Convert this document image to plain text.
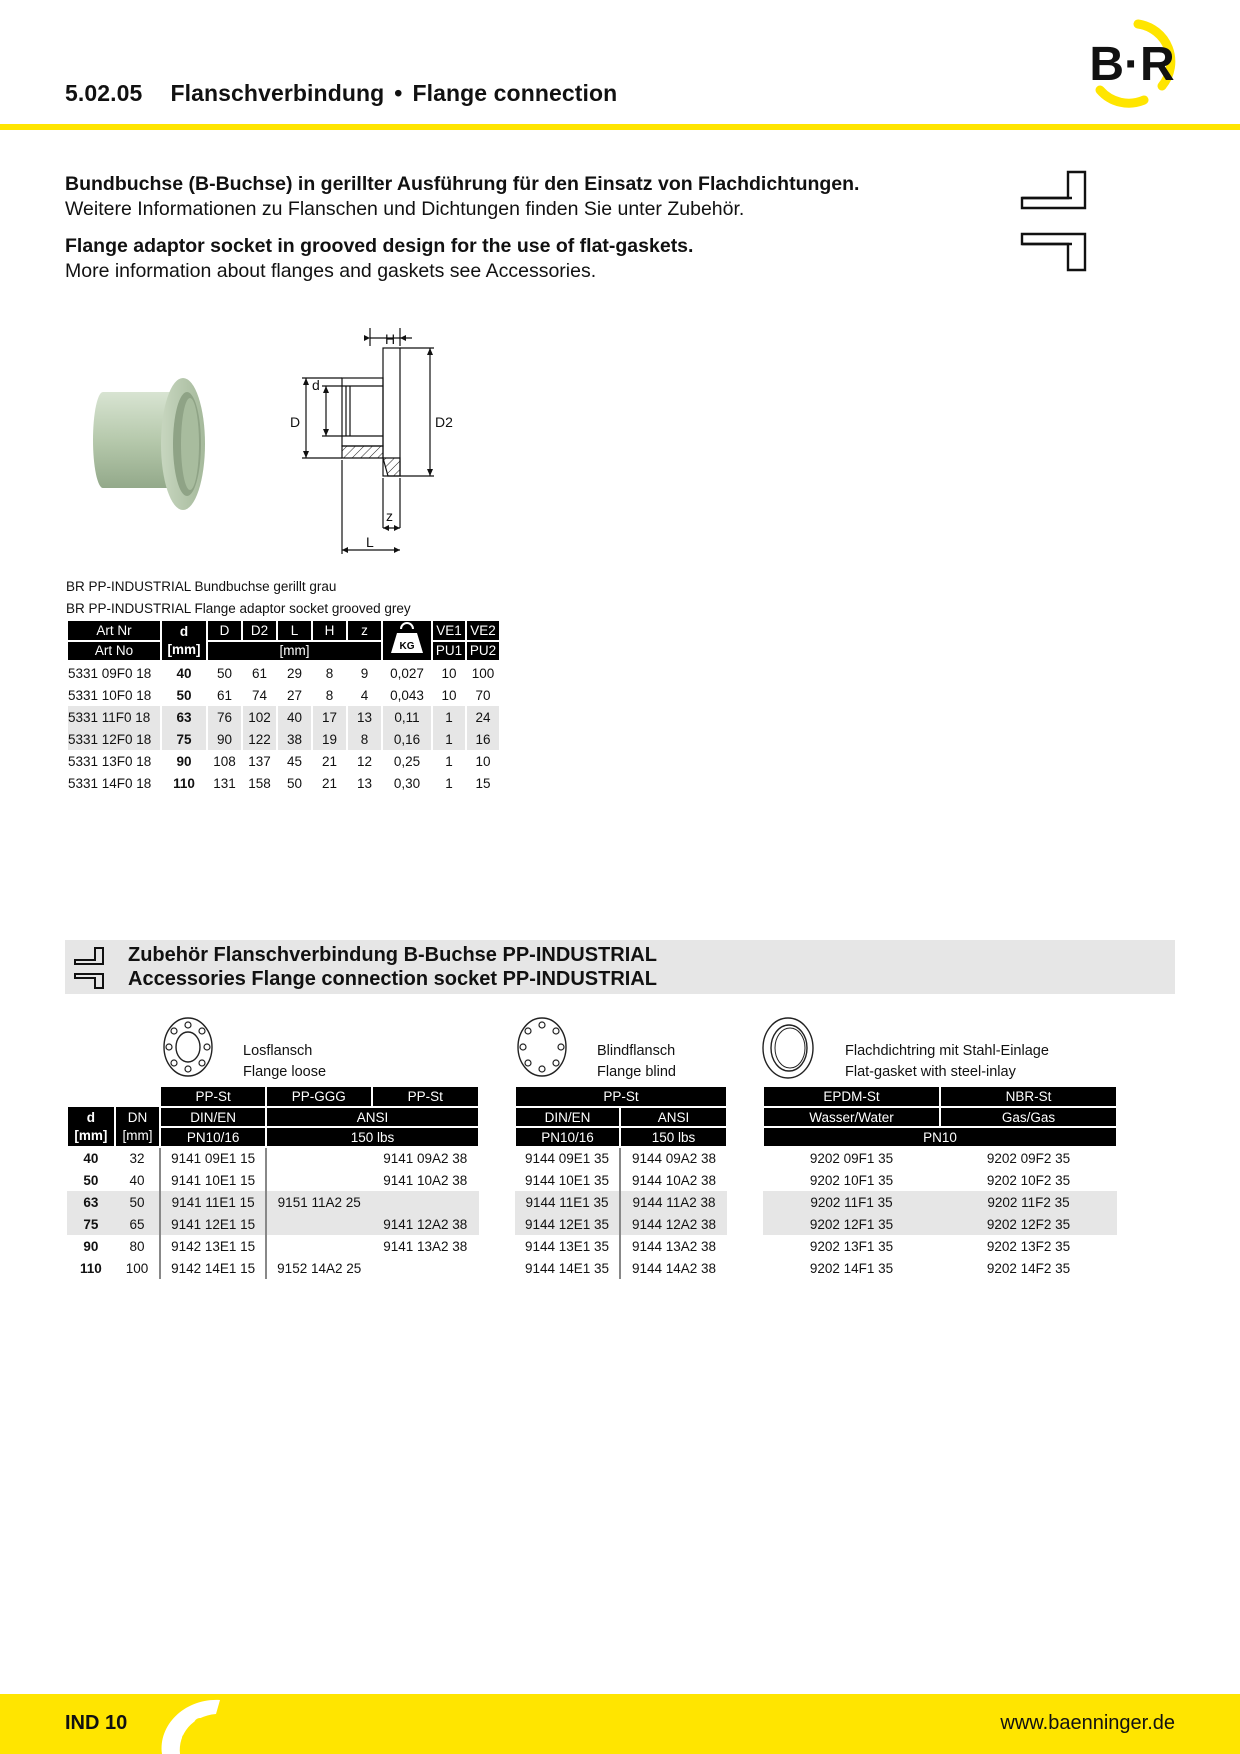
5.02.05 Flanschverbindung • Flange connection
B·R

Bundbuchse (B-Buchse) in gerillter Ausführung für den Einsatz von Flachdichtungen.

Weitere Informationen zu Flanschen und Dichtungen finden Sie unter Zubehör.

Flange adaptor socket in grooved design for the use of flat-gaskets.

More information about flanges and gaskets see Accessories.

H
d
D	D2
z
L
BR PP-INDUSTRIAL Bundbuchse gerillt grau
BR PP-INDUSTRIAL Flange adaptor socket grooved grey
Art Nr	d
[mm]	D	D2	L	H	z	KG	VE1	VE2
Art No		[mm]						PU1	PU2
5331 09F0 18	40	50	61	29	8	9	0,027	10	100
5331 10F0 18	50	61	74	27	8	4	0,043	10	70
5331 11F0 18	63	76	102	40	17	13	0,11	1	24
5331 12F0 18	75	90	122	38	19	8	0,16	1	16
5331 13F0 18	90	108	137	45	21	12	0,25	1	10
5331 14F0 18	110	131	158	50	21	13	0,30	1	15
Zubehör Flanschverbindung B-Buchse PP-INDUSTRIAL
Accessories Flange connection socket PP-INDUSTRIAL
Losflansch
Flange loose
Blindflansch
Flange blind
Flachdichtring mit Stahl-Einlage
Flat-gasket with steel-inlay
		PP-St	PP-GGG	PP-St
d
[mm]	DN
[mm]	DIN/EN	ANSI	
		PN10/16	150 lbs	
40	32	9141 09E1 15		9141 09A2 38
50	40	9141 10E1 15		9141 10A2 38
63	50	9141 11E1 15	9151 11A2 25	
75	65	9141 12E1 15		9141 12A2 38
90	80	9142 13E1 15		9141 13A2 38
110	100	9142 14E1 15	9152 14A2 25	
PP-St	
DIN/EN	ANSI
PN10/16	150 lbs
9144 09E1 35	9144 09A2 38
9144 10E1 35	9144 10A2 38
9144 11E1 35	9144 11A2 38
9144 12E1 35	9144 12A2 38
9144 13E1 35	9144 13A2 38
9144 14E1 35	9144 14A2 38
EPDM-St	NBR-St
Wasser/Water	Gas/Gas
PN10	
9202 09F1 35	9202 09F2 35
9202 10F1 35	9202 10F2 35
9202 11F1 35	9202 11F2 35
9202 12F1 35	9202 12F2 35
9202 13F1 35	9202 13F2 35
9202 14F1 35	9202 14F2 35
IND 10	www.baenninger.de
